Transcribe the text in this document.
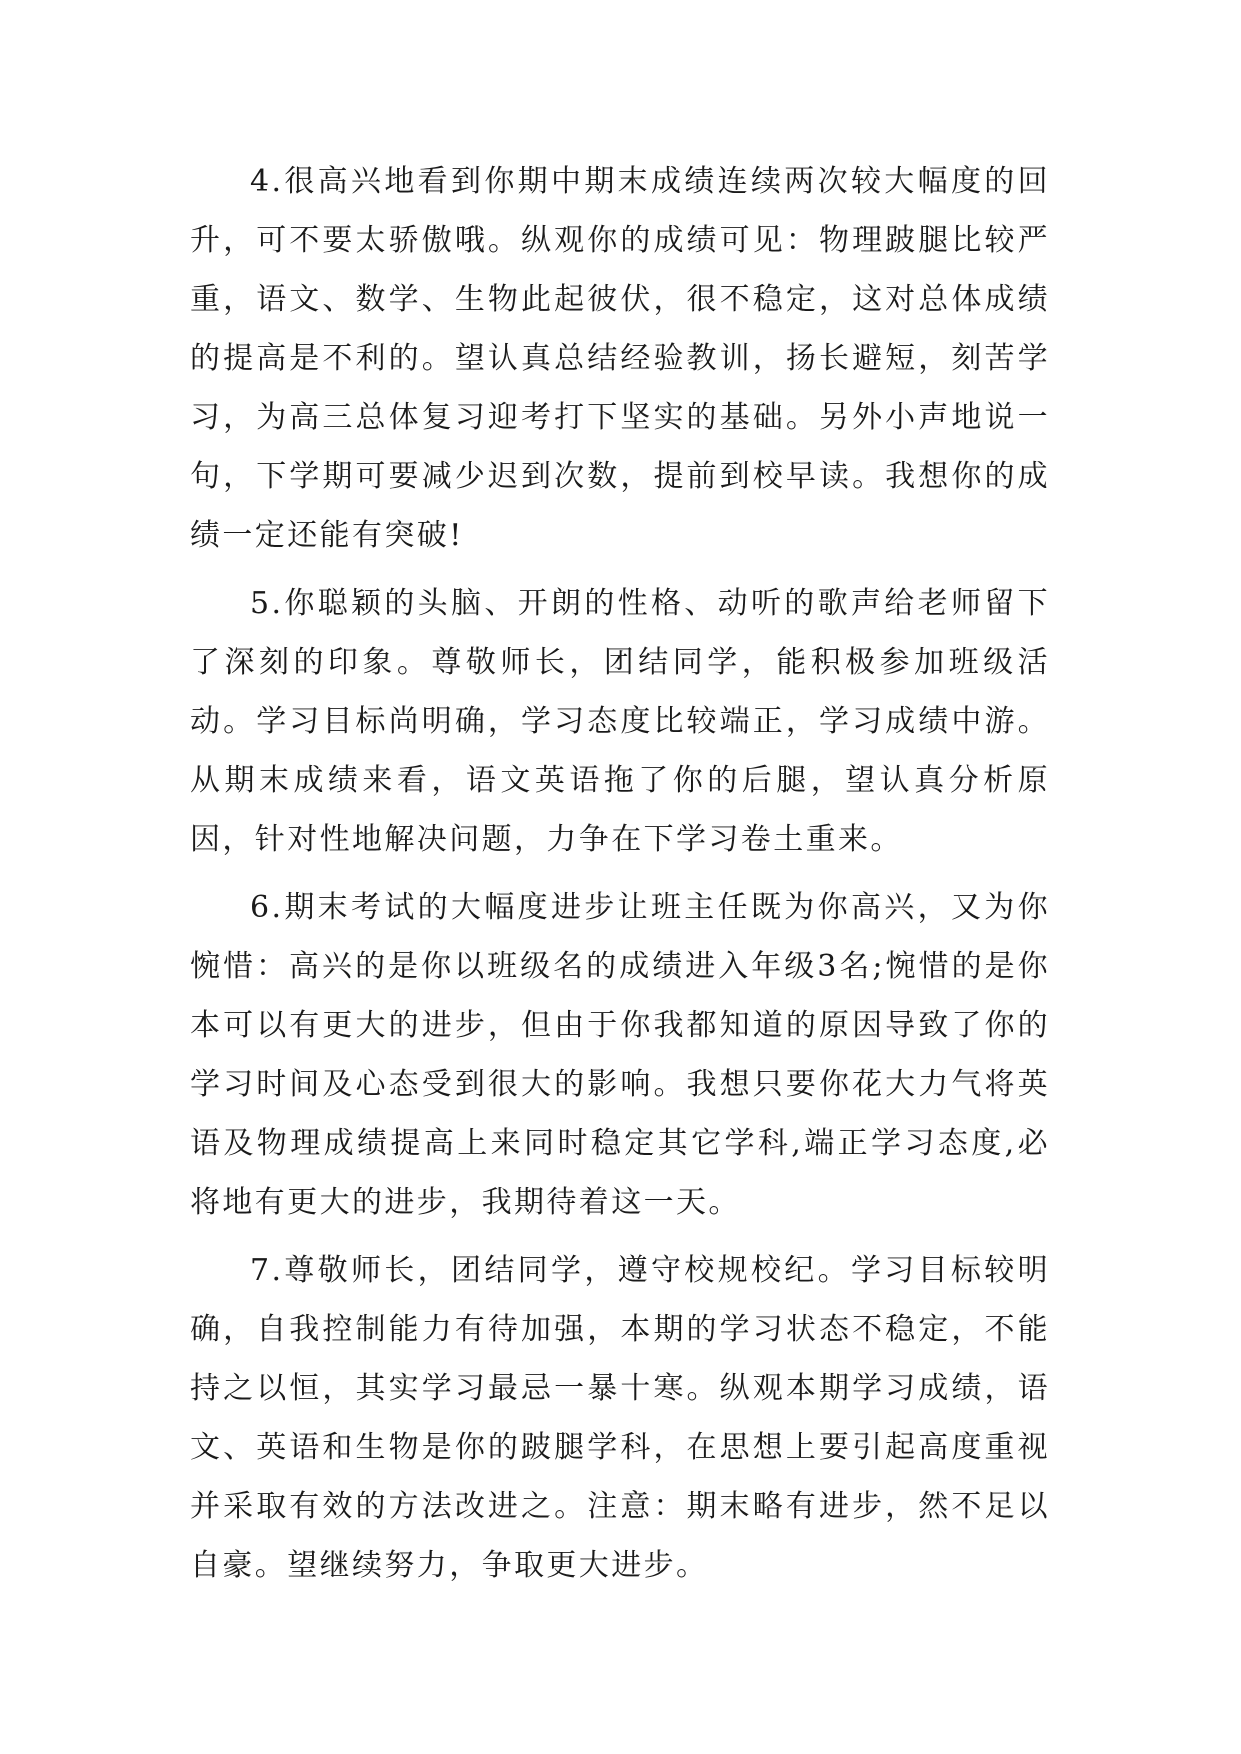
4.很高兴地看到你期中期末成绩连续两次较大幅度的回升，可不要太骄傲哦。纵观你的成绩可见：物理跛腿比较严重，语文、数学、生物此起彼伏，很不稳定，这对总体成绩的提高是不利的。望认真总结经验教训，扬长避短，刻苦学习，为高三总体复习迎考打下坚实的基础。另外小声地说一句，下学期可要减少迟到次数，提前到校早读。我想你的成绩一定还能有突破!

5.你聪颖的头脑、开朗的性格、动听的歌声给老师留下了深刻的印象。尊敬师长，团结同学，能积极参加班级活动。学习目标尚明确，学习态度比较端正，学习成绩中游。从期末成绩来看，语文英语拖了你的后腿，望认真分析原因，针对性地解决问题，力争在下学习卷土重来。

6.期末考试的大幅度进步让班主任既为你高兴，又为你惋惜：高兴的是你以班级名的成绩进入年级3名;惋惜的是你本可以有更大的进步，但由于你我都知道的原因导致了你的学习时间及心态受到很大的影响。我想只要你花大力气将英语及物理成绩提高上来同时稳定其它学科,端正学习态度,必将地有更大的进步，我期待着这一天。

7.尊敬师长，团结同学，遵守校规校纪。学习目标较明确，自我控制能力有待加强，本期的学习状态不稳定，不能持之以恒，其实学习最忌一暴十寒。纵观本期学习成绩，语文、英语和生物是你的跛腿学科，在思想上要引起高度重视并采取有效的方法改进之。注意：期末略有进步，然不足以自豪。望继续努力，争取更大进步。
